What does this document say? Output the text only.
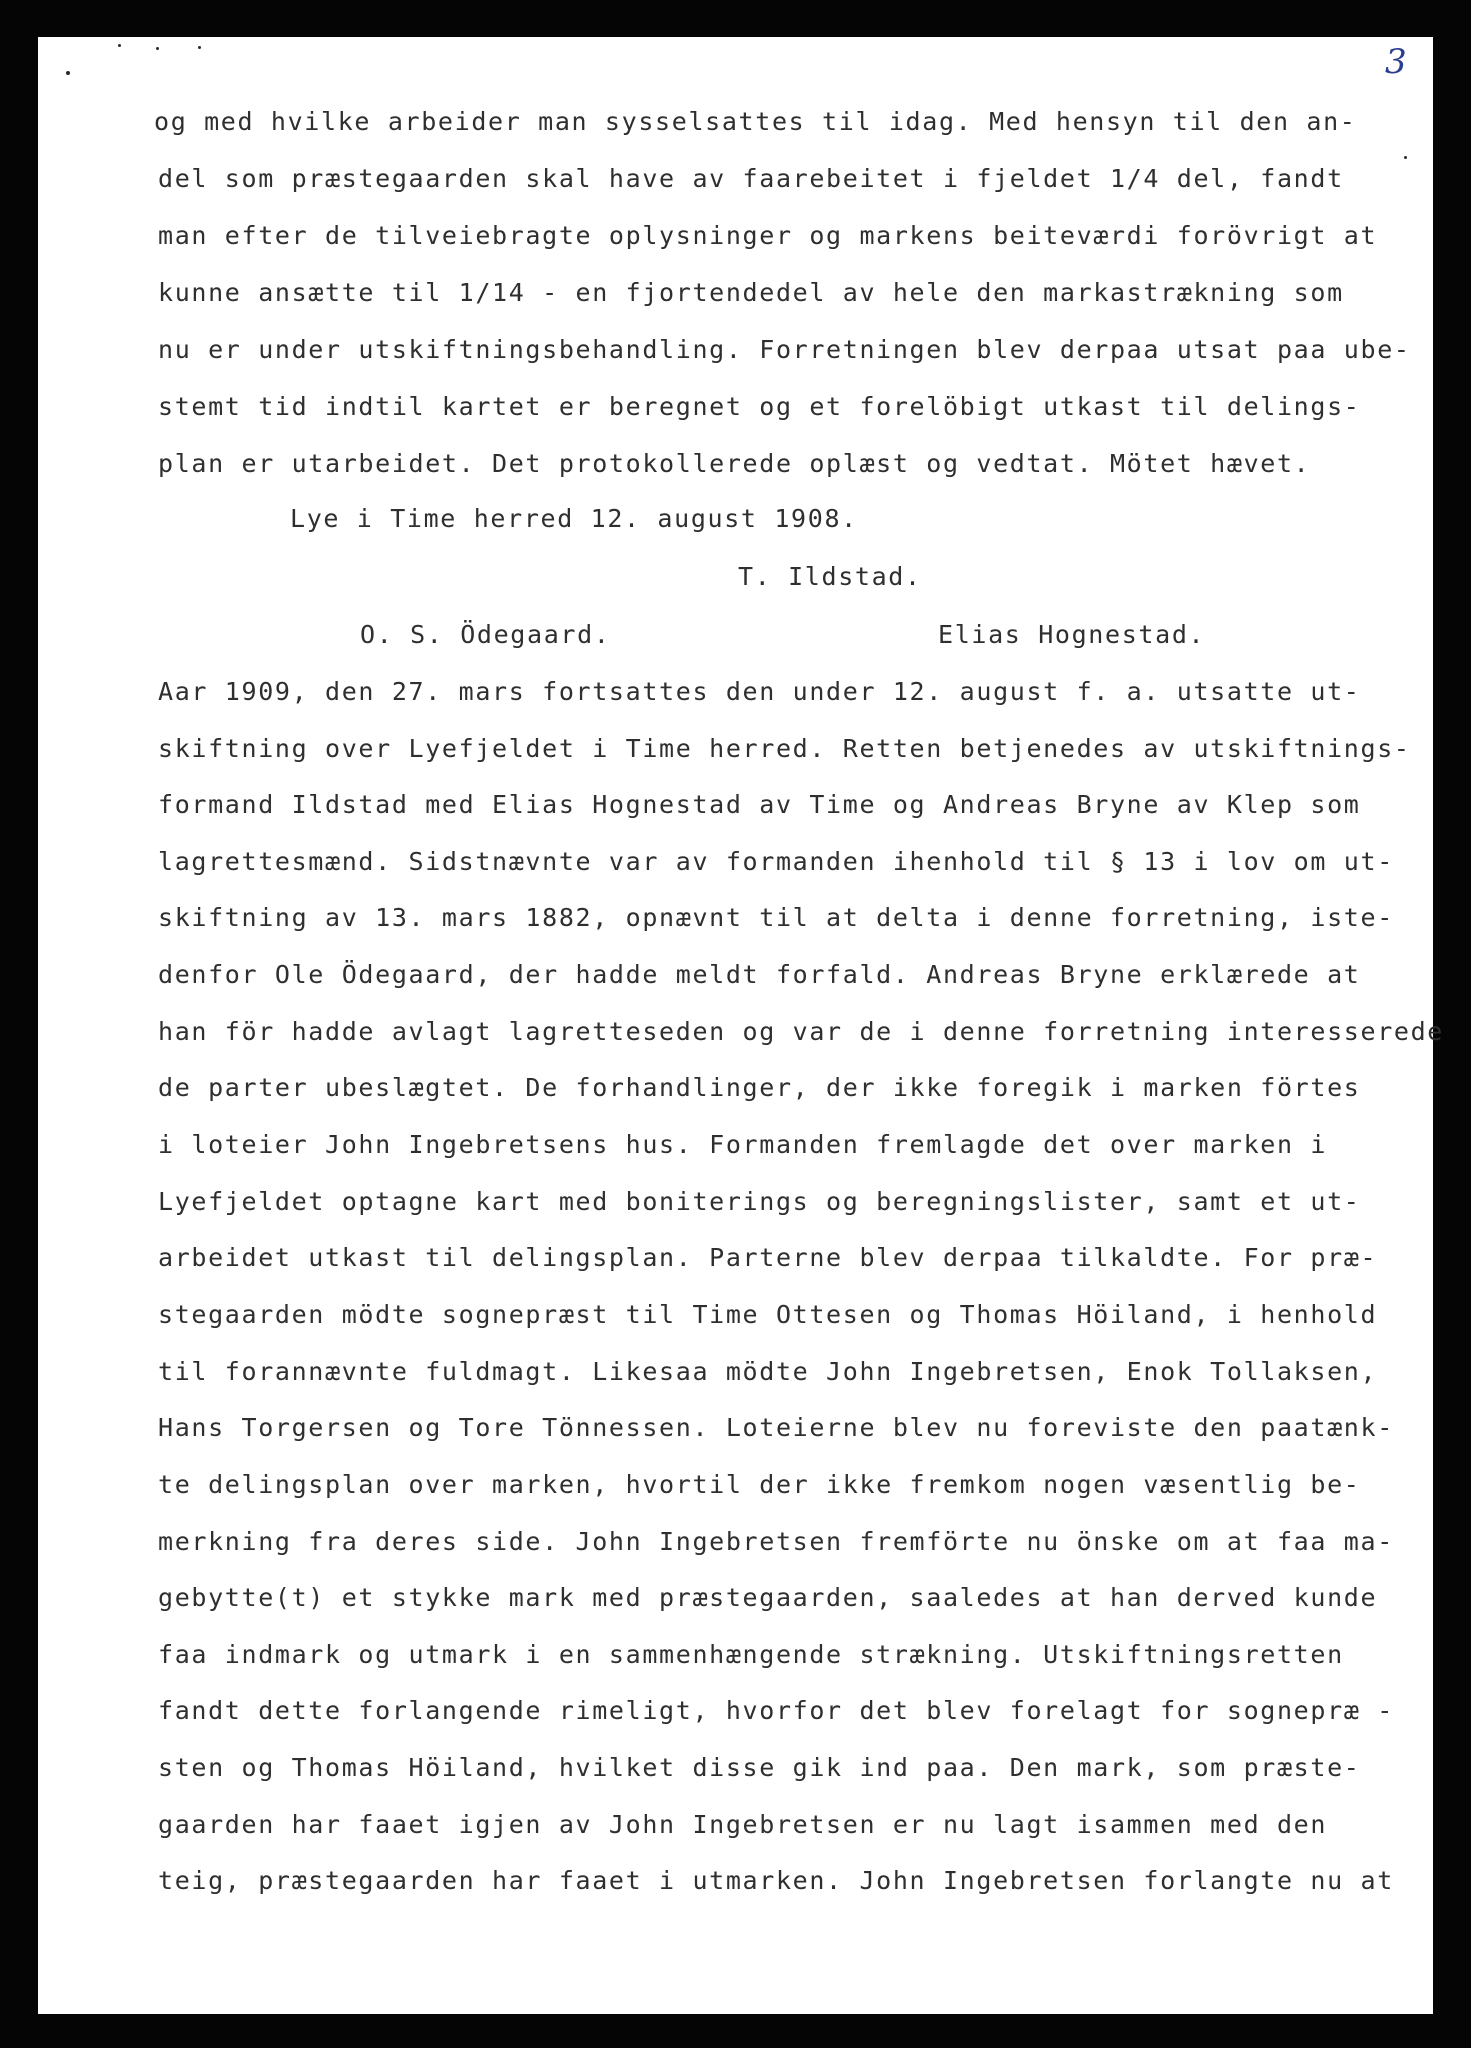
3
og med hvilke arbeider man sysselsattes til idag. Med hensyn til den an-
del som præstegaarden skal have av faarebeitet i fjeldet 1/4 del, fandt
man efter de tilveiebragte oplysninger og markens beiteværdi forövrigt at
kunne ansætte til 1/14 - en fjortendedel av hele den markastrækning som
nu er under utskiftningsbehandling. Forretningen blev derpaa utsat paa ube-
stemt tid indtil kartet er beregnet og et forelöbigt utkast til delings-
plan er utarbeidet. Det protokollerede oplæst og vedtat. Mötet hævet.
Lye i Time herred 12. august 1908.
T. Ildstad.
O. S. Ödegaard.	Elias Hognestad.
Aar 1909, den 27. mars fortsattes den under 12. august f. a. utsatte ut-
skiftning over Lyefjeldet i Time herred. Retten betjenedes av utskiftnings-
formand Ildstad med Elias Hognestad av Time og Andreas Bryne av Klep som
lagrettesmænd. Sidstnævnte var av formanden ihenhold til § 13 i lov om ut-
skiftning av 13. mars 1882, opnævnt til at delta i denne forretning, iste-
denfor Ole Ödegaard, der hadde meldt forfald. Andreas Bryne erklærede at
han för hadde avlagt lagretteseden og var de i denne forretning interesserede
de parter ubeslægtet. De forhandlinger, der ikke foregik i marken förtes
i loteier John Ingebretsens hus. Formanden fremlagde det over marken i
Lyefjeldet optagne kart med boniterings og beregningslister, samt et ut-
arbeidet utkast til delingsplan. Parterne blev derpaa tilkaldte. For præ-
stegaarden mödte sognepræst til Time Ottesen og Thomas Höiland, i henhold
til forannævnte fuldmagt. Likesaa mödte John Ingebretsen, Enok Tollaksen,
Hans Torgersen og Tore Tönnessen. Loteierne blev nu foreviste den paatænk-
te delingsplan over marken, hvortil der ikke fremkom nogen væsentlig be-
merkning fra deres side. John Ingebretsen fremförte nu önske om at faa ma-
gebytte(t) et stykke mark med præstegaarden, saaledes at han derved kunde
faa indmark og utmark i en sammenhængende strækning. Utskiftningsretten
fandt dette forlangende rimeligt, hvorfor det blev forelagt for sognepræ -
sten og Thomas Höiland, hvilket disse gik ind paa. Den mark, som præste-
gaarden har faaet igjen av John Ingebretsen er nu lagt isammen med den
teig, præstegaarden har faaet i utmarken. John Ingebretsen forlangte nu at
